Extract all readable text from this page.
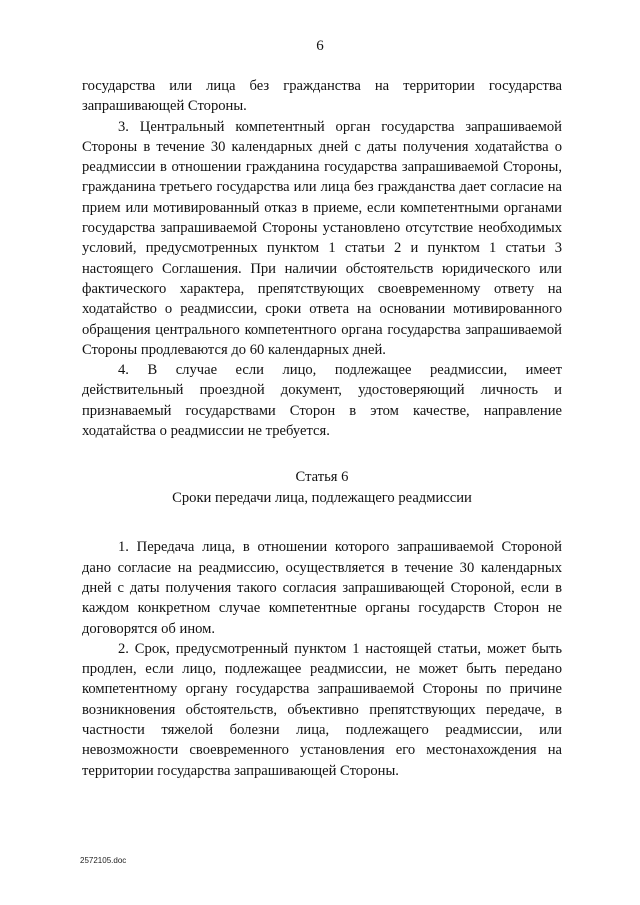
6

государства или лица без гражданства на территории государства запрашивающей Стороны.

3. Центральный компетентный орган государства запрашиваемой Стороны в течение 30 календарных дней с даты получения ходатайства о реадмиссии в отношении гражданина государства запрашиваемой Стороны, гражданина третьего государства или лица без гражданства дает согласие на прием или мотивированный отказ в приеме, если компетентными органами государства запрашиваемой Стороны установлено отсутствие необходимых условий, предусмотренных пунктом 1 статьи 2 и пунктом 1 статьи 3 настоящего Соглашения. При наличии обстоятельств юридического или фактического характера, препятствующих своевременному ответу на ходатайство о реадмиссии, сроки ответа на основании мотивированного обращения центрального компетентного органа государства запрашиваемой Стороны продлеваются до 60 календарных дней.

4. В случае если лицо, подлежащее реадмиссии, имеет действительный проездной документ, удостоверяющий личность и признаваемый государствами Сторон в этом качестве, направление ходатайства о реадмиссии не требуется.

Статья 6
Сроки передачи лица, подлежащего реадмиссии

1. Передача лица, в отношении которого запрашиваемой Стороной дано согласие на реадмиссию, осуществляется в течение 30 календарных дней с даты получения такого согласия запрашивающей Стороной, если в каждом конкретном случае компетентные органы государств Сторон не договорятся об ином.

2. Срок, предусмотренный пунктом 1 настоящей статьи, может быть продлен, если лицо, подлежащее реадмиссии, не может быть передано компетентному органу государства запрашиваемой Стороны по причине возникновения обстоятельств, объективно препятствующих передаче, в частности тяжелой болезни лица, подлежащего реадмиссии, или невозможности своевременного установления его местонахождения на территории государства запрашивающей Стороны.

2572105.doc
